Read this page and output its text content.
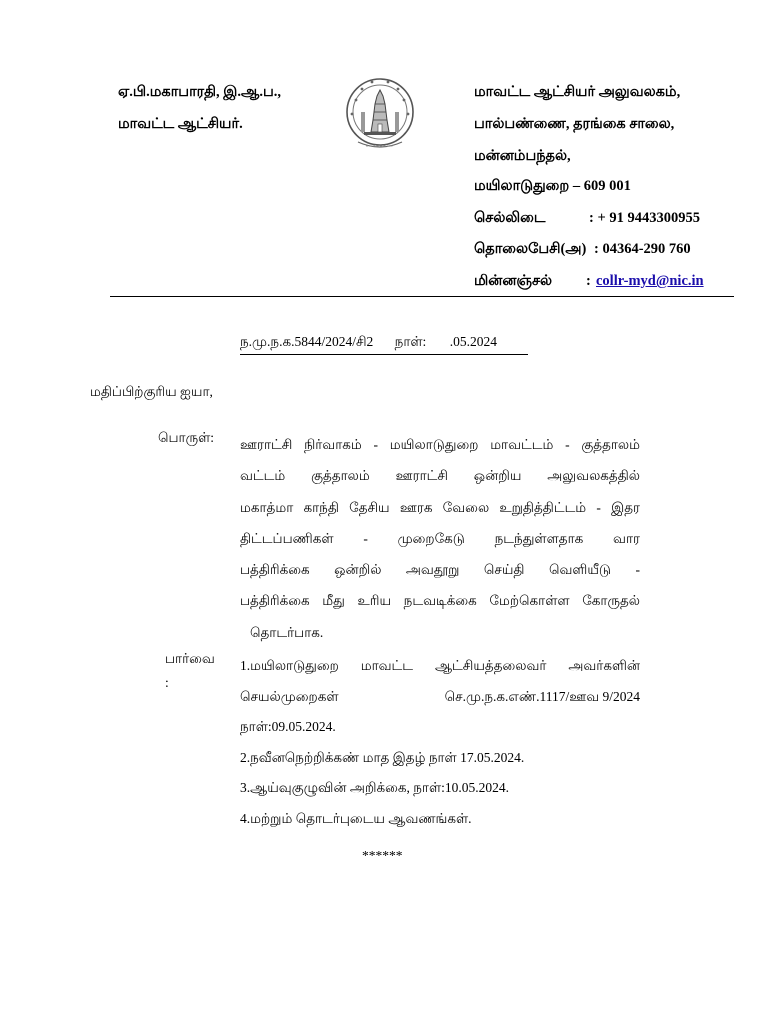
ஏ.பி.மகாபாரதி, இ.ஆ.ப.,
மாவட்ட ஆட்சியர்.
மாவட்ட ஆட்சியர் அலுவலகம்,
பால்பண்ணை, தரங்கை சாலை,
மன்னம்பந்தல்,
மயிலாடுதுறை – 609 001
செல்லிடை	: + 91 9443300955
தொலைபேசி(அ) : 04364-290 760
மின்னஞ்சல் : collr-myd@nic.in
ந.மு.ந.க.5844/2024/சி2 நாள்: .05.2024
மதிப்பிற்குரிய ஐயா,
பொருள்: ஊராட்சி நிர்வாகம் - மயிலாடுதுறை மாவட்டம் - குத்தாலம்
வட்டம் குத்தாலம் ஊராட்சி ஒன்றிய அலுவலகத்தில்
மகாத்மா காந்தி தேசிய ஊரக வேலை உறுதித்திட்டம் - இதர
திட்டப்பணிகள் - முறைகேடு நடந்துள்ளதாக வார
பத்திரிக்கை ஒன்றில் அவதூறு செய்தி வெளியீடு -
பத்திரிக்கை மீது உரிய நடவடிக்கை மேற்கொள்ள கோருதல்
தொடர்பாக.
பார்வை
:
1.மயிலாடுதுறை மாவட்ட ஆட்சியத்தலைவர் அவர்களின்
செயல்முறைகள்	செ.மு.ந.க.எண்.1117/ஊவ 9/2024
நாள்:09.05.2024.
2.நவீனநெற்றிக்கண் மாத இதழ் நாள் 17.05.2024.
3.ஆய்வுகுழுவின் அறிக்கை, நாள்:10.05.2024.
4.மற்றும் தொடர்புடைய ஆவணங்கள்.
******
